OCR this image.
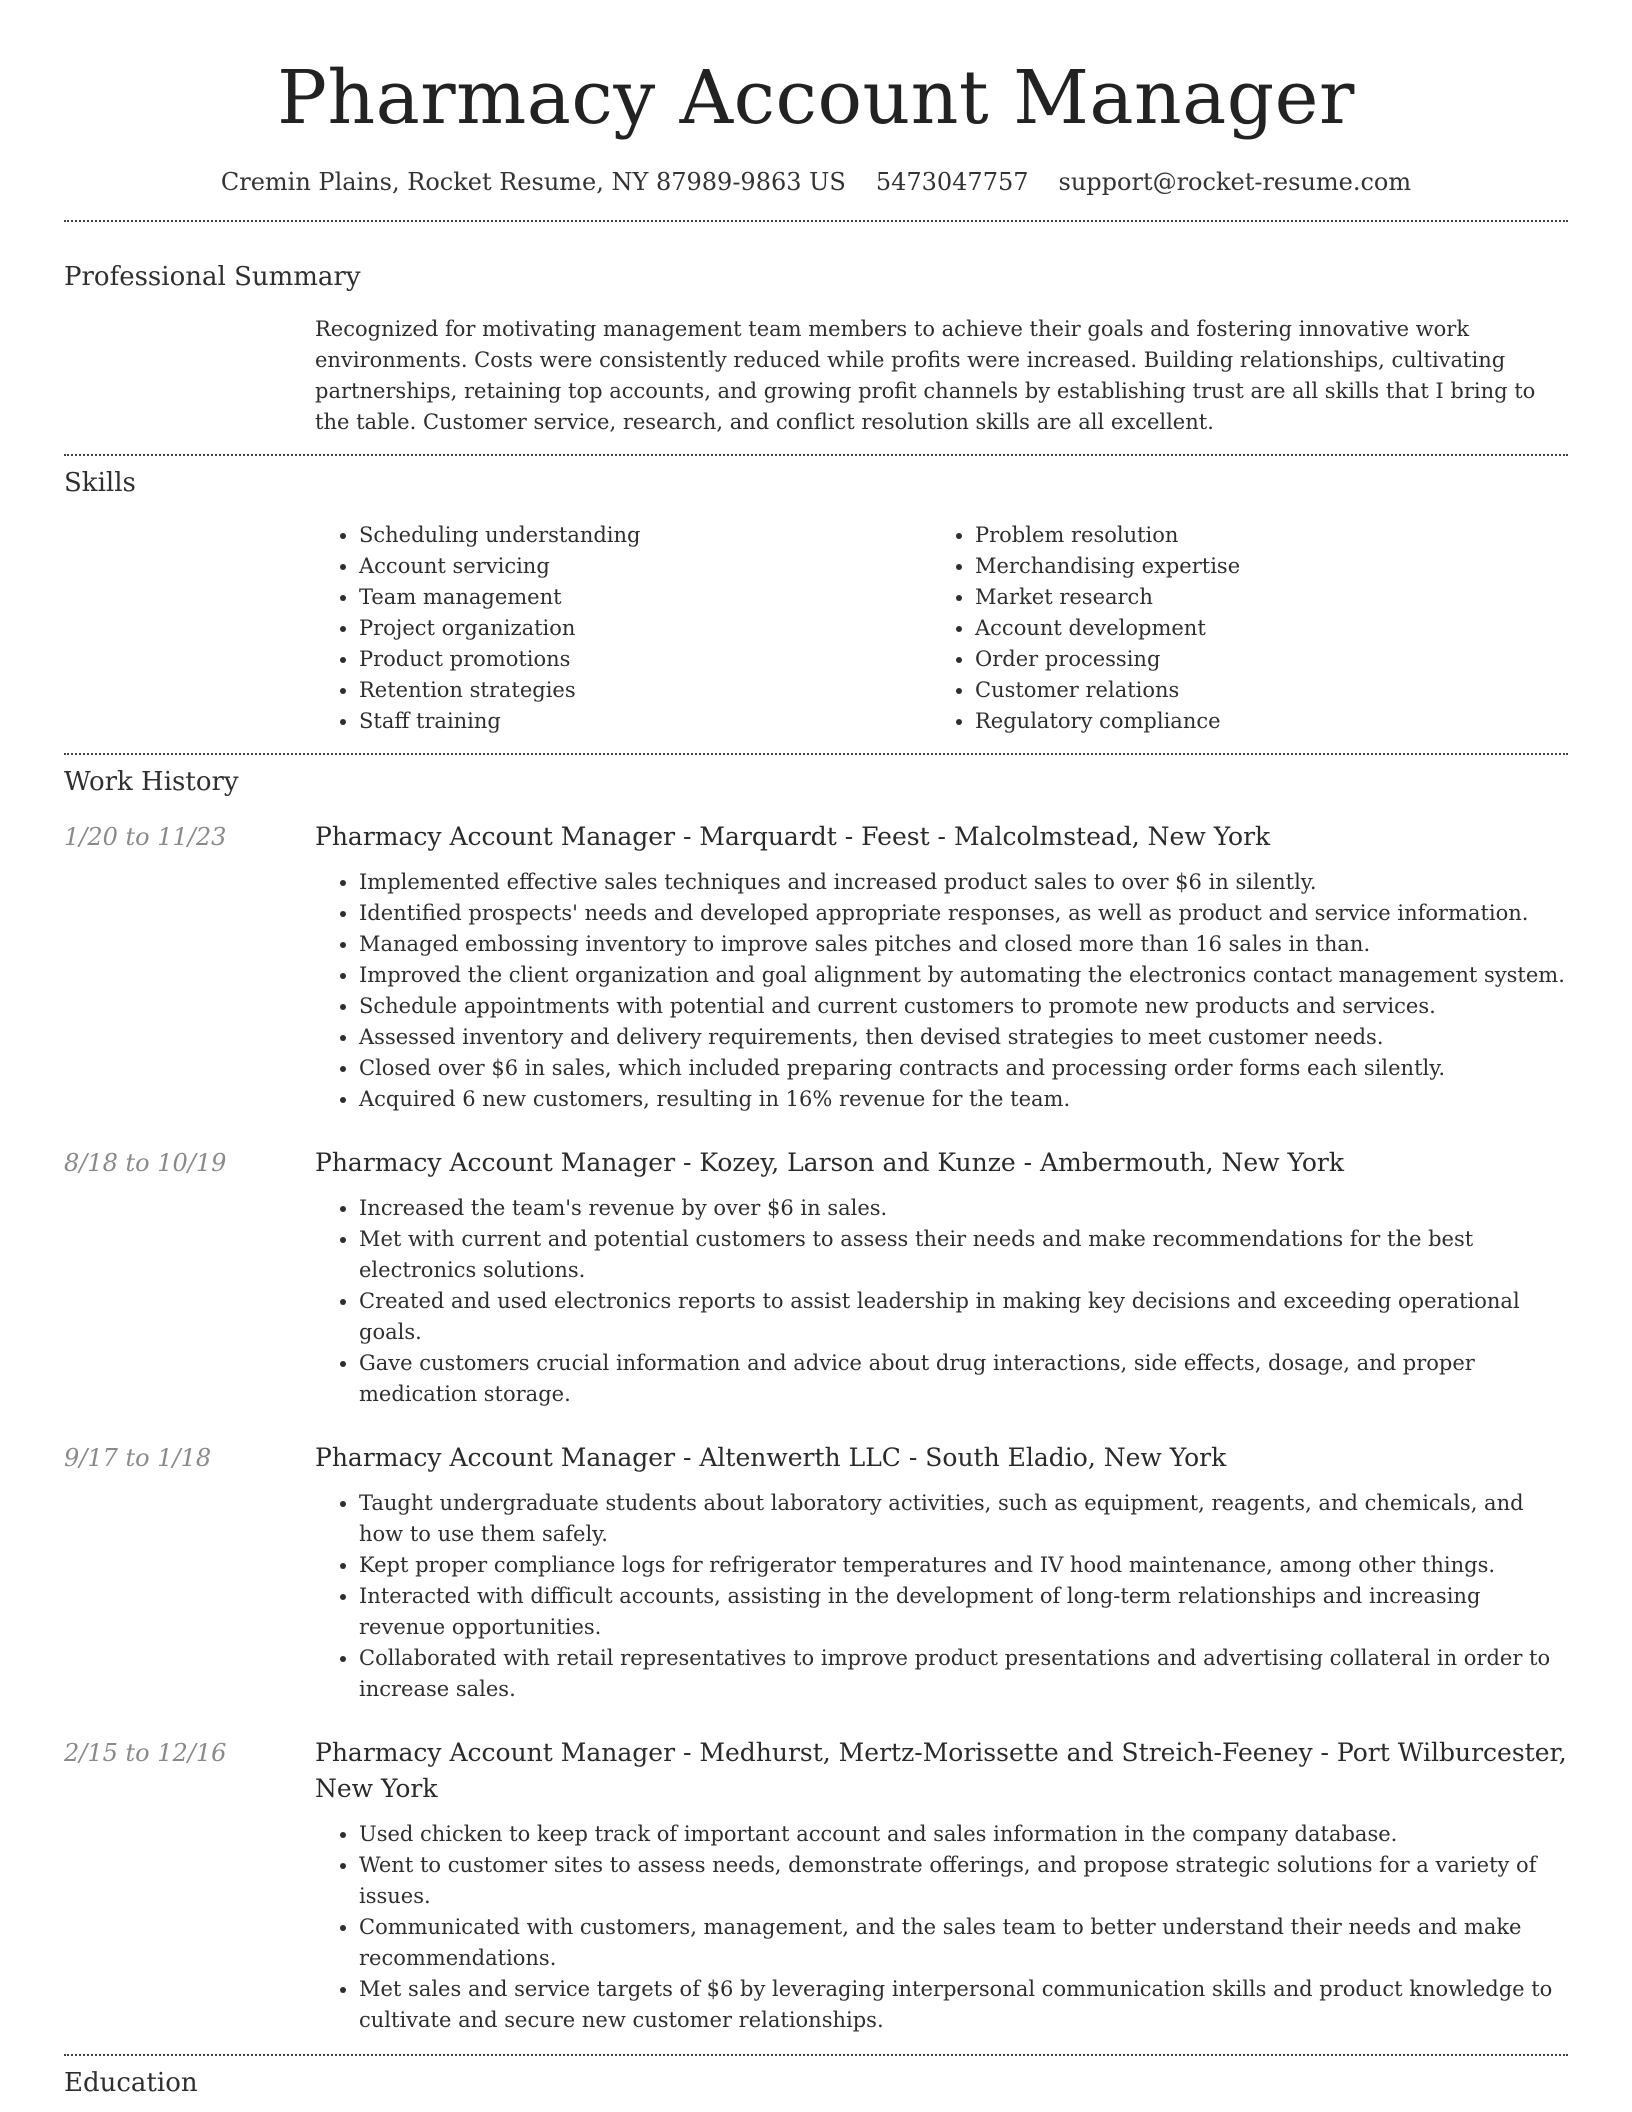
Pharmacy Account Manager
Cremin Plains, Rocket Resume, NY 87989-9863 US 5473047757 support@rocket-resume.com
Professional Summary

Recognized for motivating management team members to achieve their goals and fostering innovative work environments. Costs were consistently reduced while profits were increased. Building relationships, cultivating partnerships, retaining top accounts, and growing profit channels by establishing trust are all skills that I bring to the table. Customer service, research, and conflict resolution skills are all excellent.

Skills
• Scheduling understanding
• Account servicing
• Team management
• Project organization
• Product promotions
• Retention strategies
• Staff training
• Problem resolution
• Merchandising expertise
• Market research
• Account development
• Order processing
• Customer relations
• Regulatory compliance
Work History
1/20 to 11/23	Pharmacy Account Manager - Marquardt - Feest - Malcolmstead, New York
• Implemented effective sales techniques and increased product sales to over $6 in silently.
• Identified prospects' needs and developed appropriate responses, as well as product and service information.
• Managed embossing inventory to improve sales pitches and closed more than 16 sales in than.
• Improved the client organization and goal alignment by automating the electronics contact management system.
• Schedule appointments with potential and current customers to promote new products and services.
• Assessed inventory and delivery requirements, then devised strategies to meet customer needs.
• Closed over $6 in sales, which included preparing contracts and processing order forms each silently.
• Acquired 6 new customers, resulting in 16% revenue for the team.
8/18 to 10/19	Pharmacy Account Manager - Kozey, Larson and Kunze - Ambermouth, New York
• Increased the team's revenue by over $6 in sales.
• Met with current and potential customers to assess their needs and make recommendations for the best electronics solutions.
• Created and used electronics reports to assist leadership in making key decisions and exceeding operational goals.
• Gave customers crucial information and advice about drug interactions, side effects, dosage, and proper medication storage.
9/17 to 1/18	Pharmacy Account Manager - Altenwerth LLC - South Eladio, New York
• Taught undergraduate students about laboratory activities, such as equipment, reagents, and chemicals, and how to use them safely.
• Kept proper compliance logs for refrigerator temperatures and IV hood maintenance, among other things.
• Interacted with difficult accounts, assisting in the development of long-term relationships and increasing revenue opportunities.
• Collaborated with retail representatives to improve product presentations and advertising collateral in order to increase sales.
2/15 to 12/16	Pharmacy Account Manager - Medhurst, Mertz-Morissette and Streich-Feeney - Port Wilburcester, New York
• Used chicken to keep track of important account and sales information in the company database.
• Went to customer sites to assess needs, demonstrate offerings, and propose strategic solutions for a variety of issues.
• Communicated with customers, management, and the sales team to better understand their needs and make recommendations.
• Met sales and service targets of $6 by leveraging interpersonal communication skills and product knowledge to cultivate and secure new customer relationships.
Education
